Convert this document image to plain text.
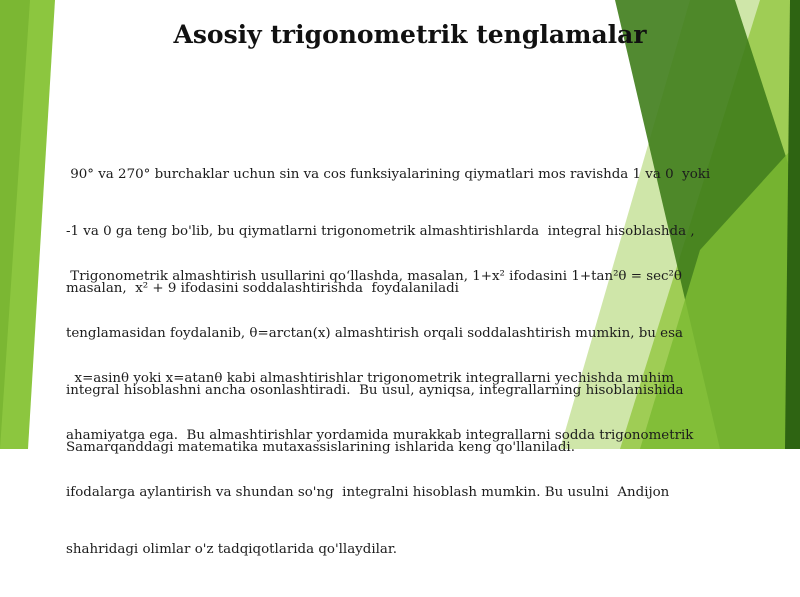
Asosiy trigonometrik tenglamalar

90° va 270° burchaklar uchun sin va cos funksiyalarining qiymatlari mos ravishda 1 va 0  yoki

-1 va 0 ga teng bo'lib, bu qiymatlarni trigonometrik almashtirishlarda  integral hisoblashda ,

masalan,  x² + 9 ifodasini soddalashtirishda  foydalaniladi

Trigonometrik almashtirish usullarini qo‘llashda, masalan, 1+x² ifodasini 1+tan²θ = sec²θ

tenglamasidan foydalanib, θ=arctan(x) almashtirish orqali soddalashtirish mumkin, bu esa

integral hisoblashni ancha osonlashtiradi.  Bu usul, ayniqsa, integrallarning hisoblanishida

Samarqanddagi matematika mutaxassislarining ishlarida keng qo'llaniladi.

x=asinθ yoki x=atanθ kabi almashtirishlar trigonometrik integrallarni yechishda muhim

ahamiyatga ega.  Bu almashtirishlar yordamida murakkab integrallarni sodda trigonometrik

ifodalarga aylantirish va shundan so'ng  integralni hisoblash mumkin. Bu usulni  Andijon

shahridagi olimlar o'z tadqiqotlarida qo'llaydilar.
